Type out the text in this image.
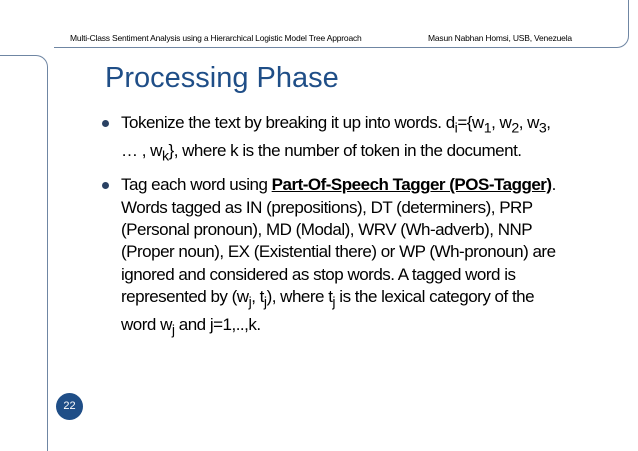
Multi-Class Sentiment Analysis using a Hierarchical Logistic Model Tree Approach	Masun Nabhan Homsi, USB, Venezuela
Processing Phase
Tokenize the text by breaking it up into words. $d_i=\{w_1$, $w_2$, $w_3$, … , $w_k$}, where k is the number of token in the document.
Tag each word using Part-Of-Speech Tagger (POS-Tagger). Words tagged as IN (prepositions), DT (determiners), PRP (Personal pronoun), MD (Modal), WRV (Wh-adverb), NNP (Proper noun), EX (Existential there) or WP (Wh-pronoun) are ignored and considered as stop words. A tagged word is represented by ($w_j$, $t_j$), where $t_j$ is the lexical category of the word $w_j$ and j=1,..,k.
22
